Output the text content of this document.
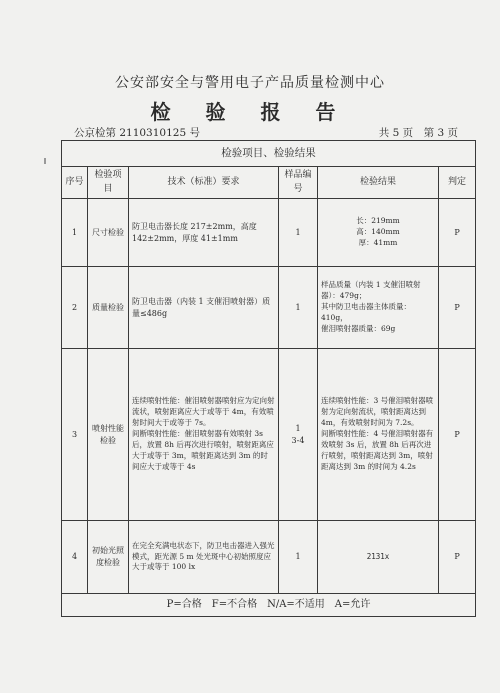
公安部安全与警用电子产品质量检测中心
检 验 报 告
公京检第 2110310125 号	共 5 页　第 3 页
检验项目、检验结果					
序号	检验项目	技术（标准）要求	样品编号	检验结果	判定
1	尺寸检验	防卫电击器长度 217±2mm，高度 142±2mm，厚度 41±1mm	1	长：219mm
高：140mm
厚：41mm	P
2	质量检验	防卫电击器（内装 1 支催泪喷射器）质量≤486g	1	样品质量（内装 1 支催泪喷射器）：479g；
其中防卫电击器主体质量：410g，
催泪喷射器质量：69g	P
3	喷射性能检验	连续喷射性能：催泪喷射器喷射应为定向射流状，喷射距离应大于或等于 4m，有效喷射时间大于或等于 7s。
间断喷射性能：催泪喷射器有效喷射 3s 后，放置 8h 后再次进行喷射，喷射距离应大于或等于 3m，喷射距离达到 3m 的时间应大于或等于 4s	1
3-4	连续喷射性能：3 号催泪喷射器喷射为定向射流状，喷射距离达到 4m，有效喷射时间为 7.2s。
间断喷射性能：4 号催泪喷射器有效喷射 3s 后，放置 8h 后再次进行喷射，喷射距离达到 3m，喷射距离达到 3m 的时间为 4.2s	P
4	初始光照度检验	在完全充满电状态下，防卫电击器进入强光模式，距光源 5 m 处光斑中心初始照度应大于或等于 100 lx	1	2131x	P
P=合格　F=不合格　N/A=不适用　A=允许					
